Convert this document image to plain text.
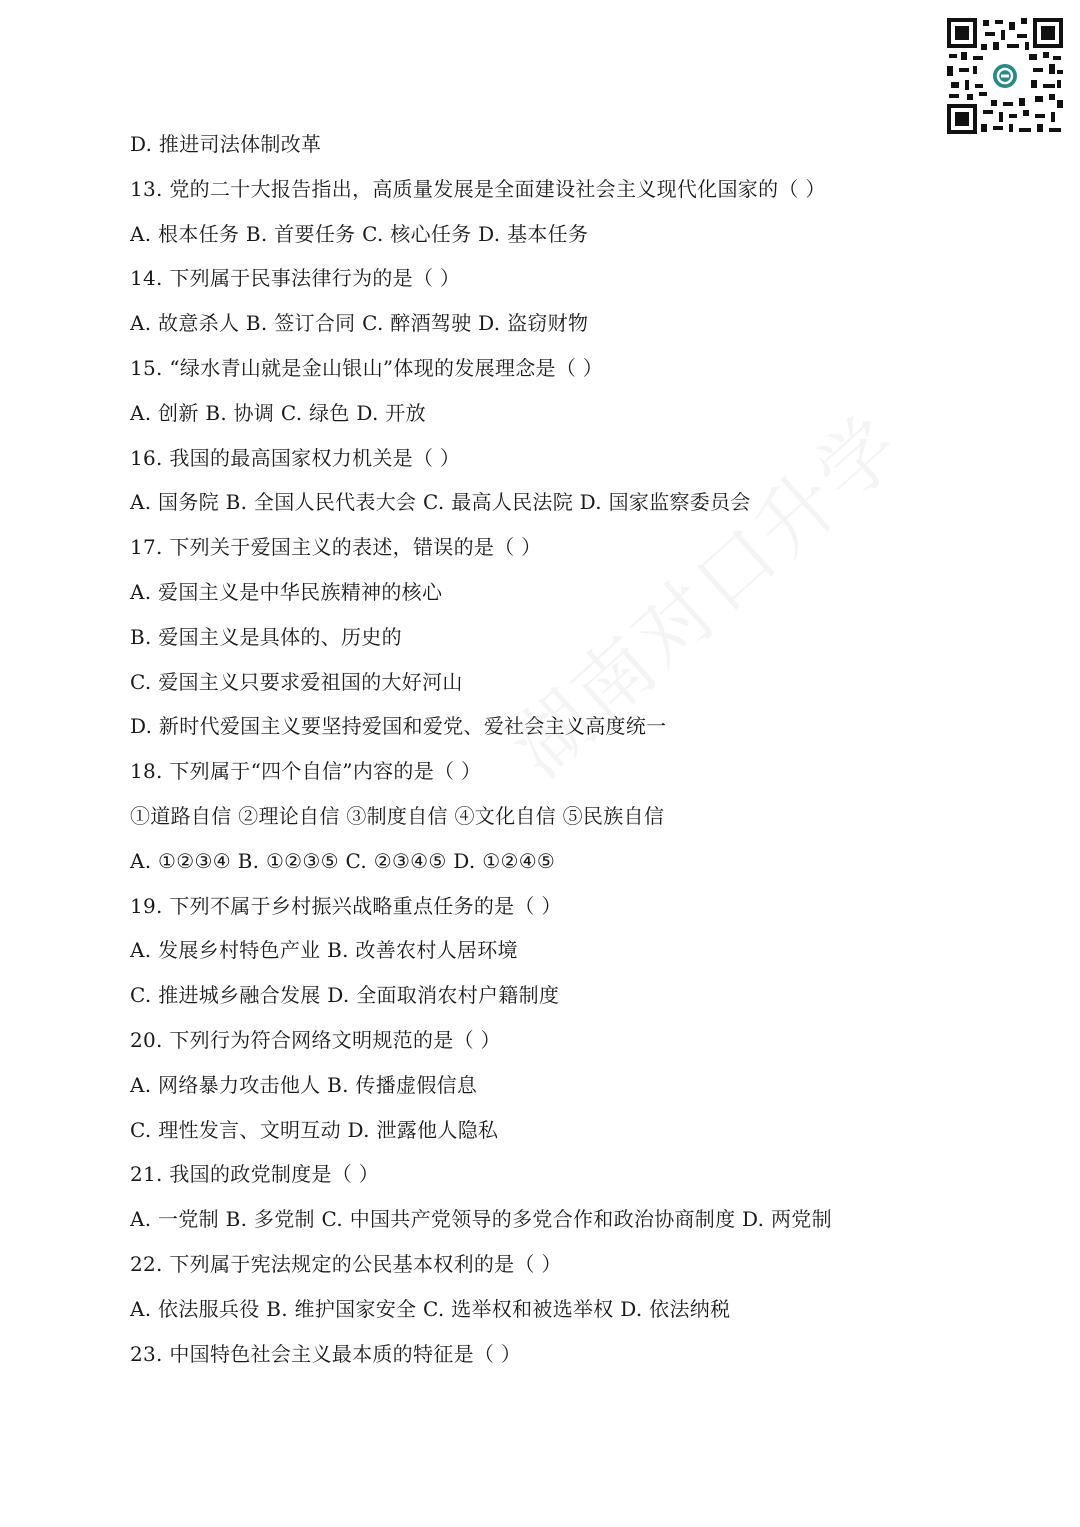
D. 推进司法体制改革
13. 党的二十大报告指出，高质量发展是全面建设社会主义现代化国家的（ ）
A. 根本任务 B. 首要任务 C. 核心任务 D. 基本任务
14. 下列属于民事法律行为的是（ ）
A. 故意杀人 B. 签订合同 C. 醉酒驾驶 D. 盗窃财物
15. “绿水青山就是金山银山”体现的发展理念是（ ）
A. 创新 B. 协调 C. 绿色 D. 开放
16. 我国的最高国家权力机关是（ ）
A. 国务院 B. 全国人民代表大会 C. 最高人民法院 D. 国家监察委员会
17. 下列关于爱国主义的表述，错误的是（ ）
A. 爱国主义是中华民族精神的核心
B. 爱国主义是具体的、历史的
C. 爱国主义只要求爱祖国的大好河山
D. 新时代爱国主义要坚持爱国和爱党、爱社会主义高度统一
18. 下列属于“四个自信”内容的是（ ）
①道路自信 ②理论自信 ③制度自信 ④文化自信 ⑤民族自信
A. ①②③④ B. ①②③⑤ C. ②③④⑤ D. ①②④⑤
19. 下列不属于乡村振兴战略重点任务的是（ ）
A. 发展乡村特色产业 B. 改善农村人居环境
C. 推进城乡融合发展 D. 全面取消农村户籍制度
20. 下列行为符合网络文明规范的是（ ）
A. 网络暴力攻击他人 B. 传播虚假信息
C. 理性发言、文明互动 D. 泄露他人隐私
21. 我国的政党制度是（ ）
A. 一党制 B. 多党制 C. 中国共产党领导的多党合作和政治协商制度 D. 两党制
22. 下列属于宪法规定的公民基本权利的是（ ）
A. 依法服兵役 B. 维护国家安全 C. 选举权和被选举权 D. 依法纳税
23. 中国特色社会主义最本质的特征是（ ）
